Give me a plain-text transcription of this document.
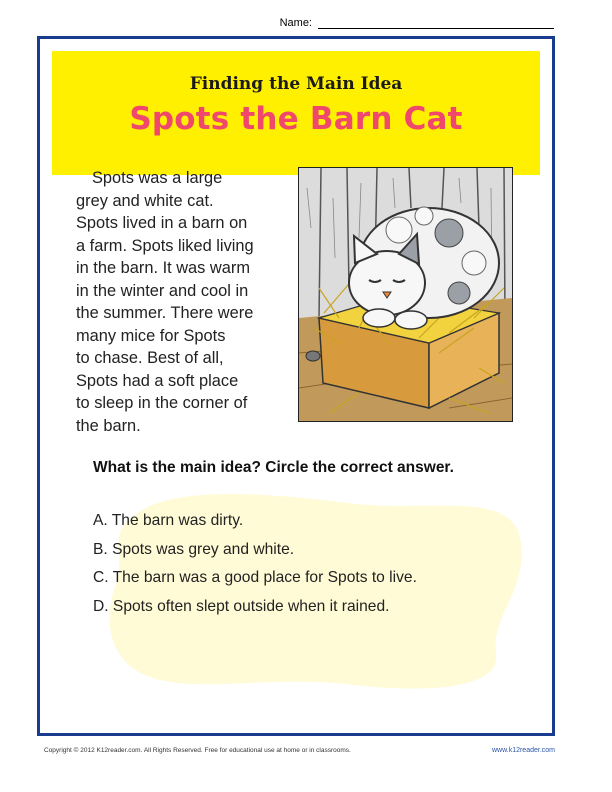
Name:
Finding the Main Idea
Spots the Barn Cat
Spots was a large
grey and white cat.
Spots lived in a barn on
a farm. Spots liked living
in the barn. It was warm
in the winter and cool in
the summer. There were
many mice for Spots
to chase. Best of all,
Spots had a soft place
to sleep in the corner of
the barn.
What is the main idea? Circle the correct answer.
A. The barn was dirty.
B. Spots was grey and white.
C. The barn was a good place for Spots to live.
D. Spots often slept outside when it rained.
Copyright © 2012 K12reader.com. All Rights Reserved. Free for educational use at home or in classrooms.	www.k12reader.com
